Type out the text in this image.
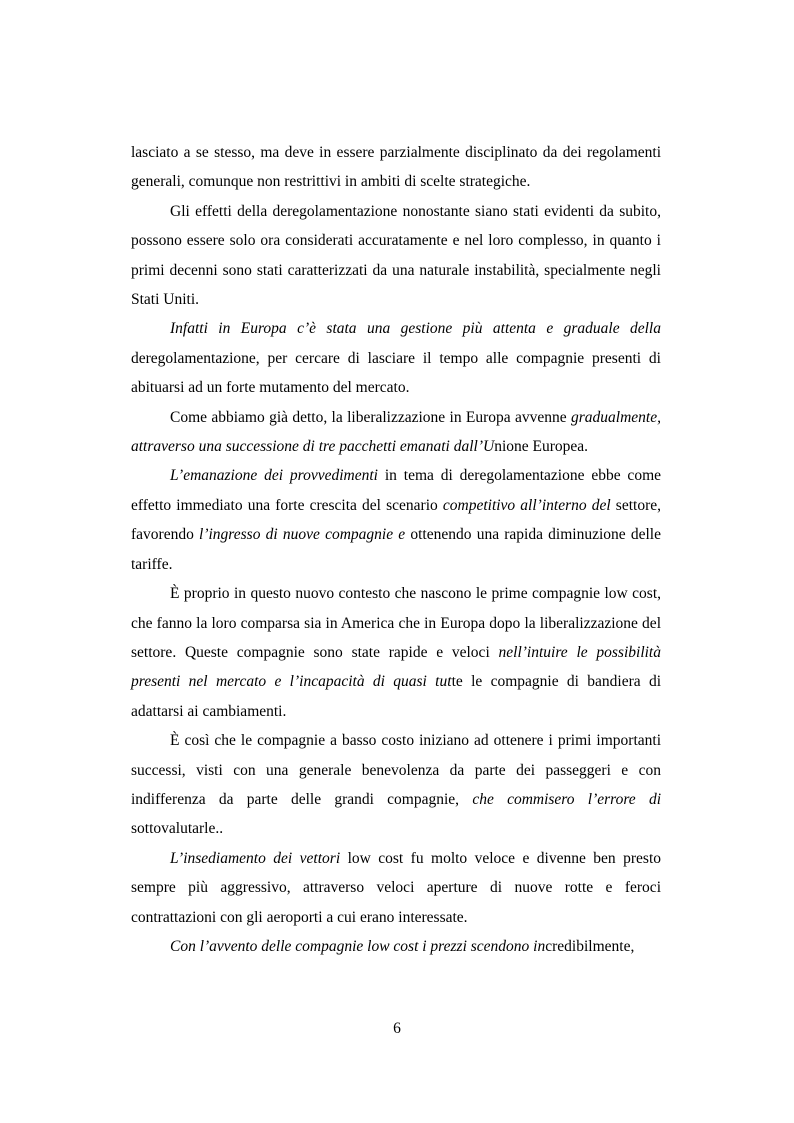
lasciato a se stesso, ma deve in essere parzialmente disciplinato da dei regolamenti generali, comunque non restrittivi in ambiti di scelte strategiche.

Gli effetti della deregolamentazione nonostante siano stati evidenti da subito, possono essere solo ora considerati accuratamente e nel loro complesso, in quanto i primi decenni sono stati caratterizzati da una naturale instabilità, specialmente negli Stati Uniti.

Infatti in Europa c’è stata una gestione più attenta e graduale della deregolamentazione, per cercare di lasciare il tempo alle compagnie presenti di abituarsi ad un forte mutamento del mercato.

Come abbiamo già detto, la liberalizzazione in Europa avvenne gradualmente, attraverso una successione di tre pacchetti emanati dall’Unione Europea.

L’emanazione dei provvedimenti in tema di deregolamentazione ebbe come effetto immediato una forte crescita del scenario competitivo all’interno del settore, favorendo l’ingresso di nuove compagnie e ottenendo una rapida diminuzione delle tariffe.

È proprio in questo nuovo contesto che nascono le prime compagnie low cost, che fanno la loro comparsa sia in America che in Europa dopo la liberalizzazione del settore. Queste compagnie sono state rapide e veloci nell’intuire le possibilità presenti nel mercato e l’incapacità di quasi tutte le compagnie di bandiera di adattarsi ai cambiamenti.

È così che le compagnie a basso costo iniziano ad ottenere i primi importanti successi, visti con una generale benevolenza da parte dei passeggeri e con indifferenza da parte delle grandi compagnie, che commisero l’errore di sottovalutarle..

L’insediamento dei vettori low cost fu molto veloce e divenne ben presto sempre più aggressivo, attraverso veloci aperture di nuove rotte e feroci contrattazioni con gli aeroporti a cui erano interessate.

Con l’avvento delle compagnie low cost i prezzi scendono incredibilmente,

6
